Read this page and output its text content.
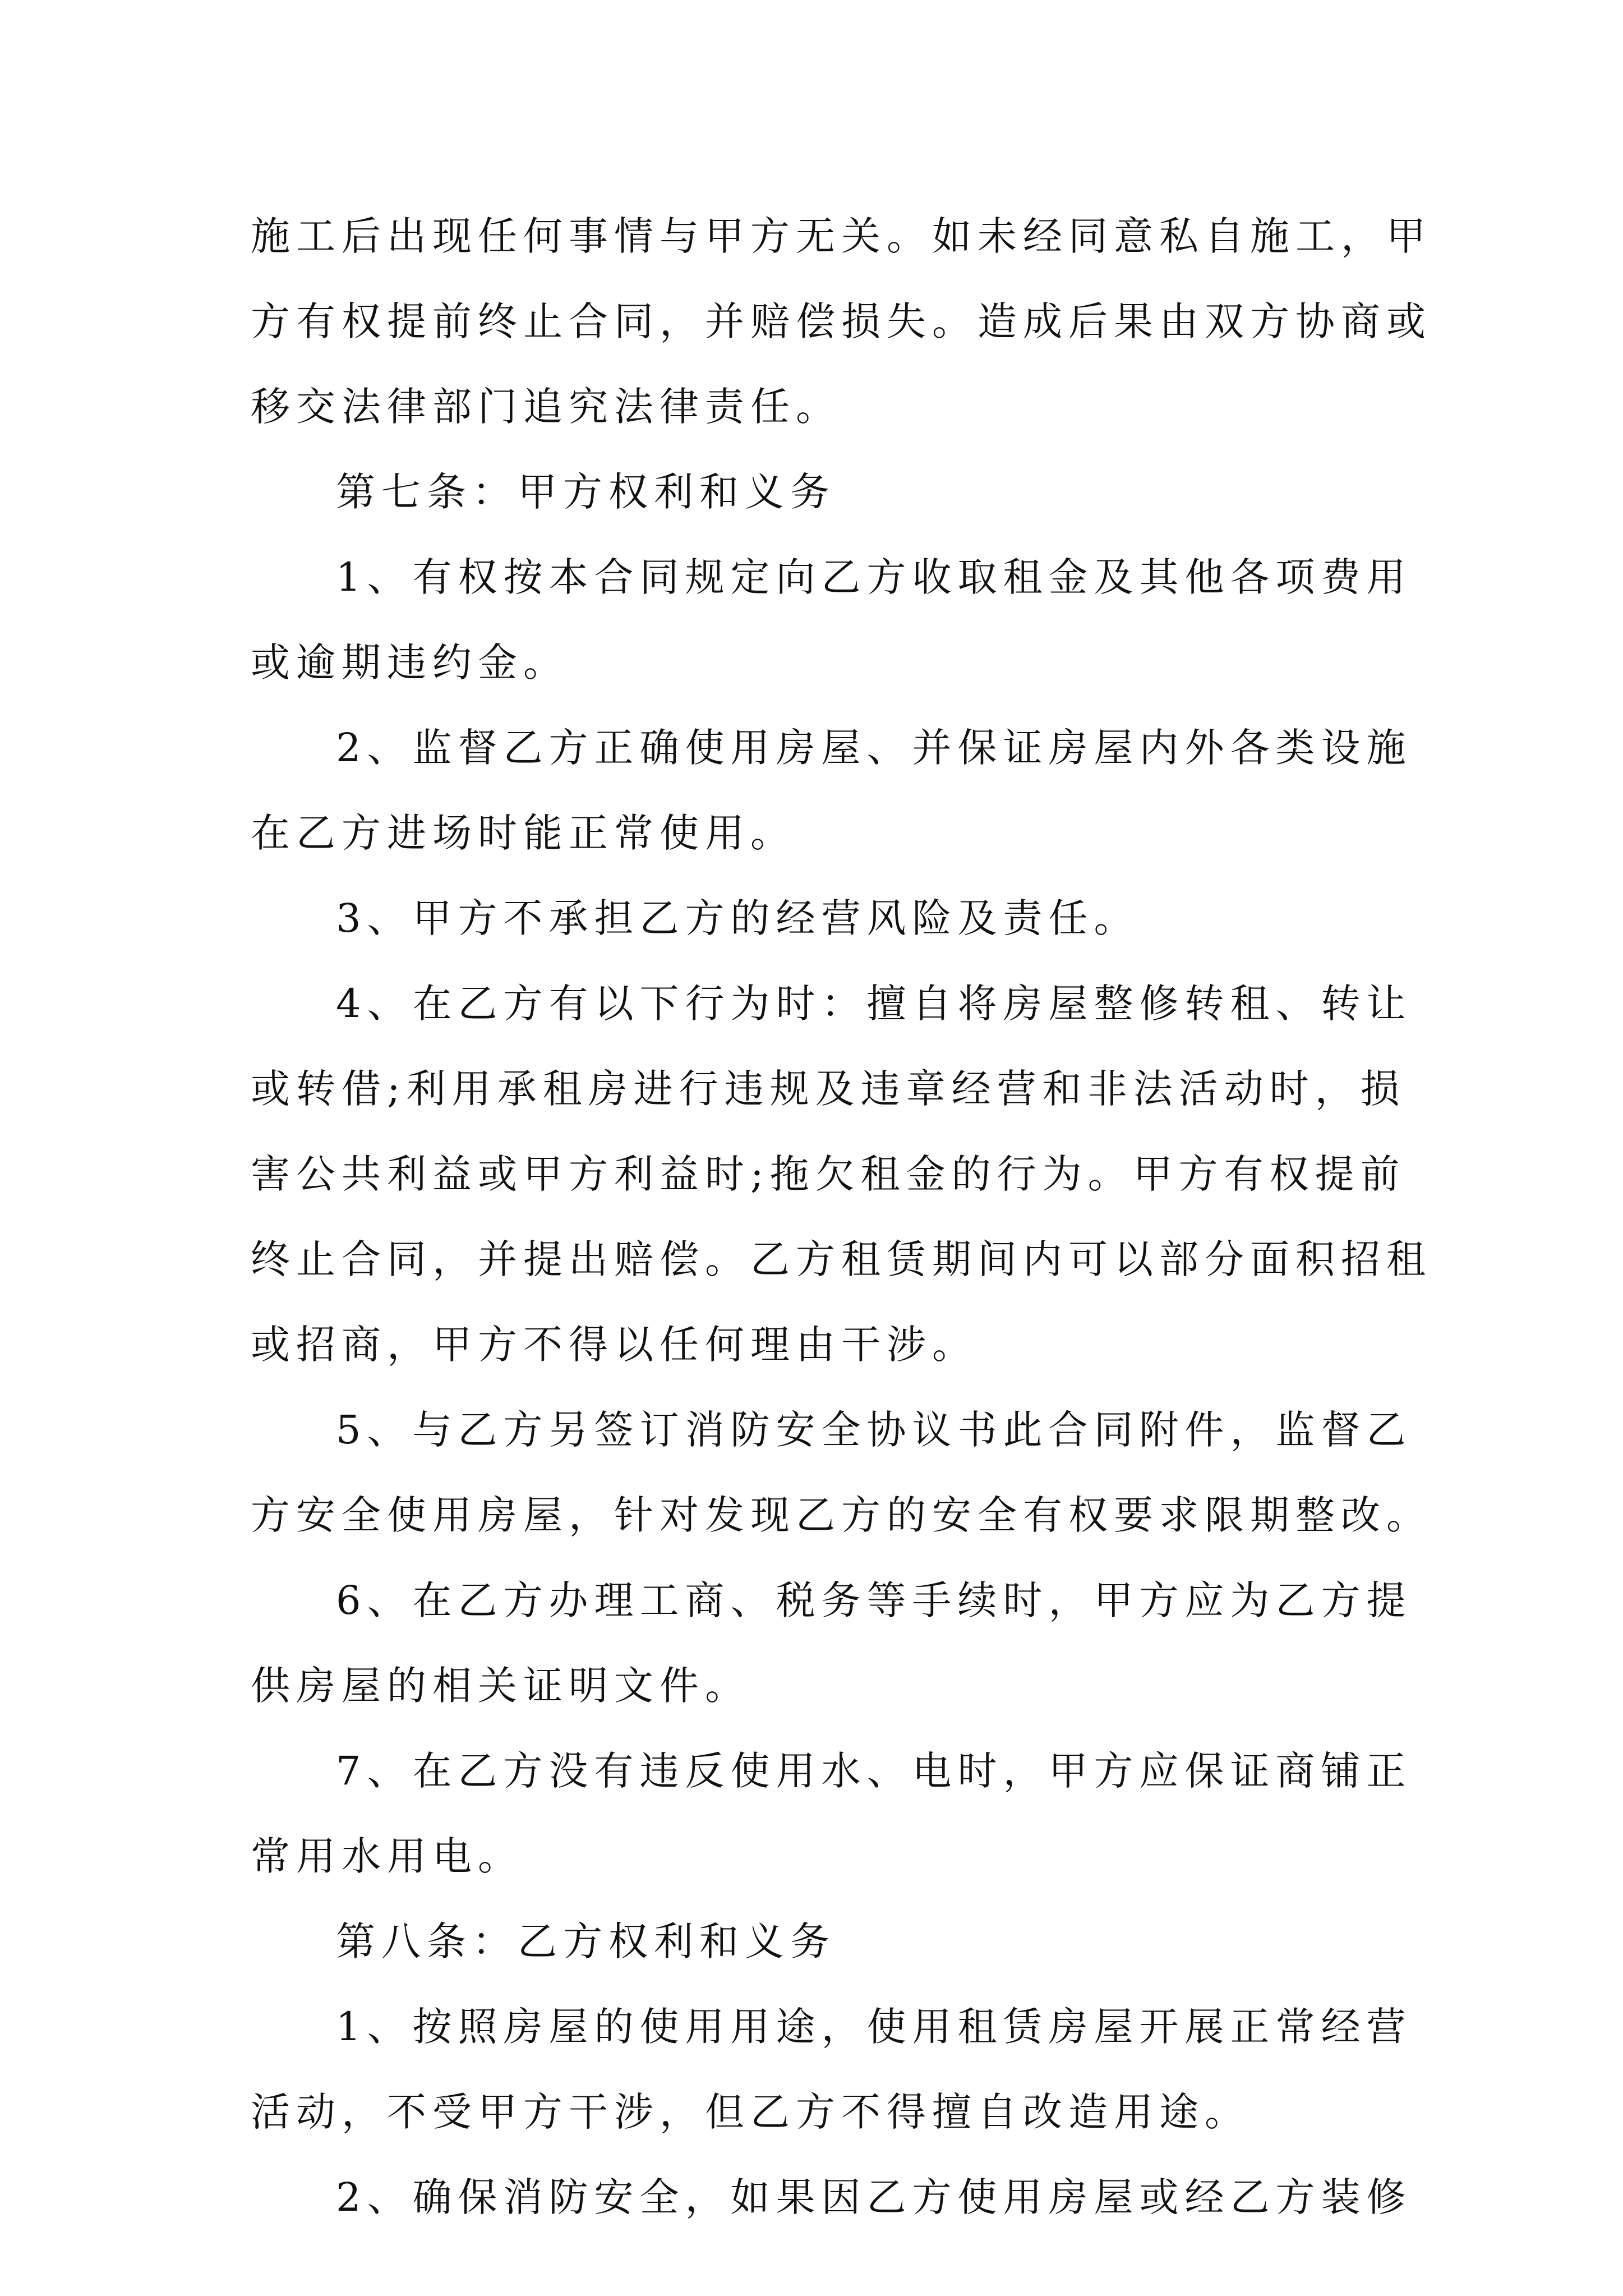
施工后出现任何事情与甲方无关。如未经同意私自施工，甲
方有权提前终止合同，并赔偿损失。造成后果由双方协商或
移交法律部门追究法律责任。
第七条：甲方权利和义务
1、有权按本合同规定向乙方收取租金及其他各项费用
或逾期违约金。
2、监督乙方正确使用房屋、并保证房屋内外各类设施
在乙方进场时能正常使用。
3、甲方不承担乙方的经营风险及责任。
4、在乙方有以下行为时：擅自将房屋整修转租、转让
或转借;利用承租房进行违规及违章经营和非法活动时，损
害公共利益或甲方利益时;拖欠租金的行为。甲方有权提前
终止合同，并提出赔偿。乙方租赁期间内可以部分面积招租
或招商，甲方不得以任何理由干涉。
5、与乙方另签订消防安全协议书此合同附件，监督乙
方安全使用房屋，针对发现乙方的安全有权要求限期整改。
6、在乙方办理工商、税务等手续时，甲方应为乙方提
供房屋的相关证明文件。
7、在乙方没有违反使用水、电时，甲方应保证商铺正
常用水用电。
第八条：乙方权利和义务
1、按照房屋的使用用途，使用租赁房屋开展正常经营
活动，不受甲方干涉，但乙方不得擅自改造用途。
2、确保消防安全，如果因乙方使用房屋或经乙方装修
